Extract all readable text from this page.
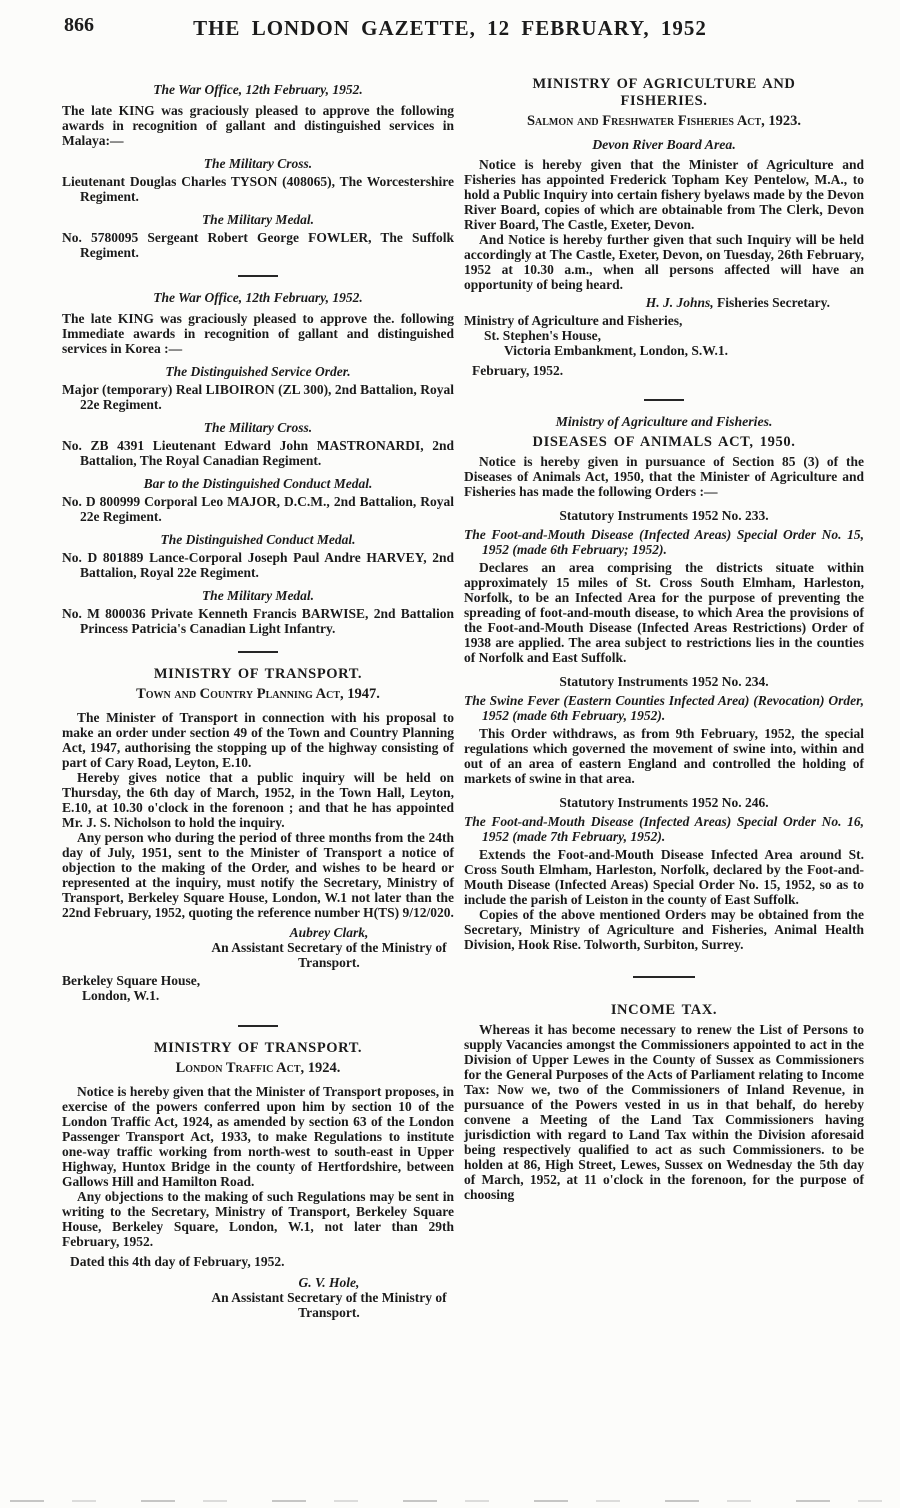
866	THE LONDON GAZETTE, 12 FEBRUARY, 1952

The War Office, 12th February, 1952.

The late KING was graciously pleased to approve the following awards in recognition of gallant and distinguished services in Malaya:—

The Military Cross.

Lieutenant Douglas Charles TYSON (408065), The Worcestershire Regiment.

The Military Medal.

No. 5780095 Sergeant Robert George FOWLER, The Suffolk Regiment.

The War Office, 12th February, 1952.

The late KING was graciously pleased to approve the. following Immediate awards in recognition of gallant and distinguished services in Korea :—

The Distinguished Service Order.

Major (temporary) Real LIBOIRON (ZL 300), 2nd Battalion, Royal 22e Regiment.

The Military Cross.

No. ZB 4391 Lieutenant Edward John MASTRONARDI, 2nd Battalion, The Royal Canadian Regiment.

Bar to the Distinguished Conduct Medal.

No. D 800999 Corporal Leo MAJOR, D.C.M., 2nd Battalion, Royal 22e Regiment.

The Distinguished Conduct Medal.

No. D 801889 Lance-Corporal Joseph Paul Andre HARVEY, 2nd Battalion, Royal 22e Regiment.

The Military Medal.

No. M 800036 Private Kenneth Francis BARWISE, 2nd Battalion Princess Patricia's Canadian Light Infantry.

MINISTRY OF TRANSPORT.

Town and Country Planning Act, 1947.

The Minister of Transport in connection with his proposal to make an order under section 49 of the Town and Country Planning Act, 1947, authorising the stopping up of the highway consisting of part of Cary Road, Leyton, E.10.

Hereby gives notice that a public inquiry will be held on Thursday, the 6th day of March, 1952, in the Town Hall, Leyton, E.10, at 10.30 o'clock in the forenoon ; and that he has appointed Mr. J. S. Nicholson to hold the inquiry.

Any person who during the period of three months from the 24th day of July, 1951, sent to the Minister of Transport a notice of objection to the making of the Order, and wishes to be heard or represented at the inquiry, must notify the Secretary, Ministry of Transport, Berkeley Square House, London, W.1 not later than the 22nd February, 1952, quoting the reference number H(TS) 9/12/020.

Aubrey Clark,

An Assistant Secretary of the Ministry of Transport.

Berkeley Square House,

London, W.1.

MINISTRY OF TRANSPORT.

London Traffic Act, 1924.

Notice is hereby given that the Minister of Transport proposes, in exercise of the powers conferred upon him by section 10 of the London Traffic Act, 1924, as amended by section 63 of the London Passenger Transport Act, 1933, to make Regulations to institute one-way traffic working from north-west to south-east in Upper Highway, Huntox Bridge in the county of Hertfordshire, between Gallows Hill and Hamilton Road.

Any objections to the making of such Regulations may be sent in writing to the Secretary, Ministry of Transport, Berkeley Square House, Berkeley Square, London, W.1, not later than 29th February, 1952.

Dated this 4th day of February, 1952.

G. V. Hole,

An Assistant Secretary of the Ministry of Transport.

MINISTRY OF AGRICULTURE AND FISHERIES.

Salmon and Freshwater Fisheries Act, 1923.

Devon River Board Area.

Notice is hereby given that the Minister of Agriculture and Fisheries has appointed Frederick Topham Key Pentelow, M.A., to hold a Public Inquiry into certain fishery byelaws made by the Devon River Board, copies of which are obtainable from The Clerk, Devon River Board, The Castle, Exeter, Devon.

And Notice is hereby further given that such Inquiry will be held accordingly at The Castle, Exeter, Devon, on Tuesday, 26th February, 1952 at 10.30 a.m., when all persons affected will have an opportunity of being heard.

H. J. Johns, Fisheries Secretary.

Ministry of Agriculture and Fisheries,

St. Stephen's House,

Victoria Embankment, London, S.W.1.

February, 1952.

Ministry of Agriculture and Fisheries.

DISEASES OF ANIMALS ACT, 1950.

Notice is hereby given in pursuance of Section 85 (3) of the Diseases of Animals Act, 1950, that the Minister of Agriculture and Fisheries has made the following Orders :—

Statutory Instruments 1952 No. 233.

The Foot-and-Mouth Disease (Infected Areas) Special Order No. 15, 1952 (made 6th February; 1952).

Declares an area comprising the districts situate within approximately 15 miles of St. Cross South Elmham, Harleston, Norfolk, to be an Infected Area for the purpose of preventing the spreading of foot-and-mouth disease, to which Area the provisions of the Foot-and-Mouth Disease (Infected Areas Restrictions) Order of 1938 are applied. The area subject to restrictions lies in the counties of Norfolk and East Suffolk.

Statutory Instruments 1952 No. 234.

The Swine Fever (Eastern Counties Infected Area) (Revocation) Order, 1952 (made 6th February, 1952).

This Order withdraws, as from 9th February, 1952, the special regulations which governed the movement of swine into, within and out of an area of eastern England and controlled the holding of markets of swine in that area.

Statutory Instruments 1952 No. 246.

The Foot-and-Mouth Disease (Infected Areas) Special Order No. 16, 1952 (made 7th February, 1952).

Extends the Foot-and-Mouth Disease Infected Area around St. Cross South Elmham, Harleston, Norfolk, declared by the Foot-and-Mouth Disease (Infected Areas) Special Order No. 15, 1952, so as to include the parish of Leiston in the county of East Suffolk.

Copies of the above mentioned Orders may be obtained from the Secretary, Ministry of Agriculture and Fisheries, Animal Health Division, Hook Rise. Tolworth, Surbiton, Surrey.

INCOME TAX.

Whereas it has become necessary to renew the List of Persons to supply Vacancies amongst the Commissioners appointed to act in the Division of Upper Lewes in the County of Sussex as Commissioners for the General Purposes of the Acts of Parliament relating to Income Tax: Now we, two of the Commissioners of Inland Revenue, in pursuance of the Powers vested in us in that behalf, do hereby convene a Meeting of the Land Tax Commissioners having jurisdiction with regard to Land Tax within the Division aforesaid being respectively qualified to act as such Commissioners. to be holden at 86, High Street, Lewes, Sussex on Wednesday the 5th day of March, 1952, at 11 o'clock in the forenoon, for the purpose of choosing
